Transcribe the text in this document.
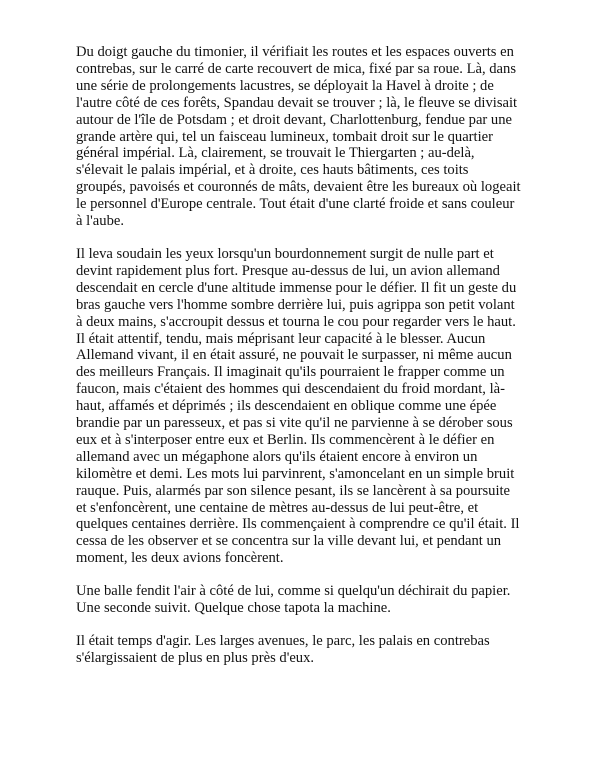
Du doigt gauche du timonier, il vérifiait les routes et les espaces ouverts en
contrebas, sur le carré de carte recouvert de mica, fixé par sa roue. Là, dans
une série de prolongements lacustres, se déployait la Havel à droite ; de
l'autre côté de ces forêts, Spandau devait se trouver ; là, le fleuve se divisait
autour de l'île de Potsdam ; et droit devant, Charlottenburg, fendue par une
grande artère qui, tel un faisceau lumineux, tombait droit sur le quartier
général impérial. Là, clairement, se trouvait le Thiergarten ; au-delà,
s'élevait le palais impérial, et à droite, ces hauts bâtiments, ces toits
groupés, pavoisés et couronnés de mâts, devaient être les bureaux où logeait
le personnel d'Europe centrale. Tout était d'une clarté froide et sans couleur
à l'aube.

Il leva soudain les yeux lorsqu'un bourdonnement surgit de nulle part et
devint rapidement plus fort. Presque au-dessus de lui, un avion allemand
descendait en cercle d'une altitude immense pour le défier. Il fit un geste du
bras gauche vers l'homme sombre derrière lui, puis agrippa son petit volant
à deux mains, s'accroupit dessus et tourna le cou pour regarder vers le haut.
Il était attentif, tendu, mais méprisant leur capacité à le blesser. Aucun
Allemand vivant, il en était assuré, ne pouvait le surpasser, ni même aucun
des meilleurs Français. Il imaginait qu'ils pourraient le frapper comme un
faucon, mais c'étaient des hommes qui descendaient du froid mordant, là-
haut, affamés et déprimés ; ils descendaient en oblique comme une épée
brandie par un paresseux, et pas si vite qu'il ne parvienne à se dérober sous
eux et à s'interposer entre eux et Berlin. Ils commencèrent à le défier en
allemand avec un mégaphone alors qu'ils étaient encore à environ un
kilomètre et demi. Les mots lui parvinrent, s'amoncelant en un simple bruit
rauque. Puis, alarmés par son silence pesant, ils se lancèrent à sa poursuite
et s'enfoncèrent, une centaine de mètres au-dessus de lui peut-être, et
quelques centaines derrière. Ils commençaient à comprendre ce qu'il était. Il
cessa de les observer et se concentra sur la ville devant lui, et pendant un
moment, les deux avions foncèrent.

Une balle fendit l'air à côté de lui, comme si quelqu'un déchirait du papier.
Une seconde suivit. Quelque chose tapota la machine.

Il était temps d'agir. Les larges avenues, le parc, les palais en contrebas
s'élargissaient de plus en plus près d'eux.
